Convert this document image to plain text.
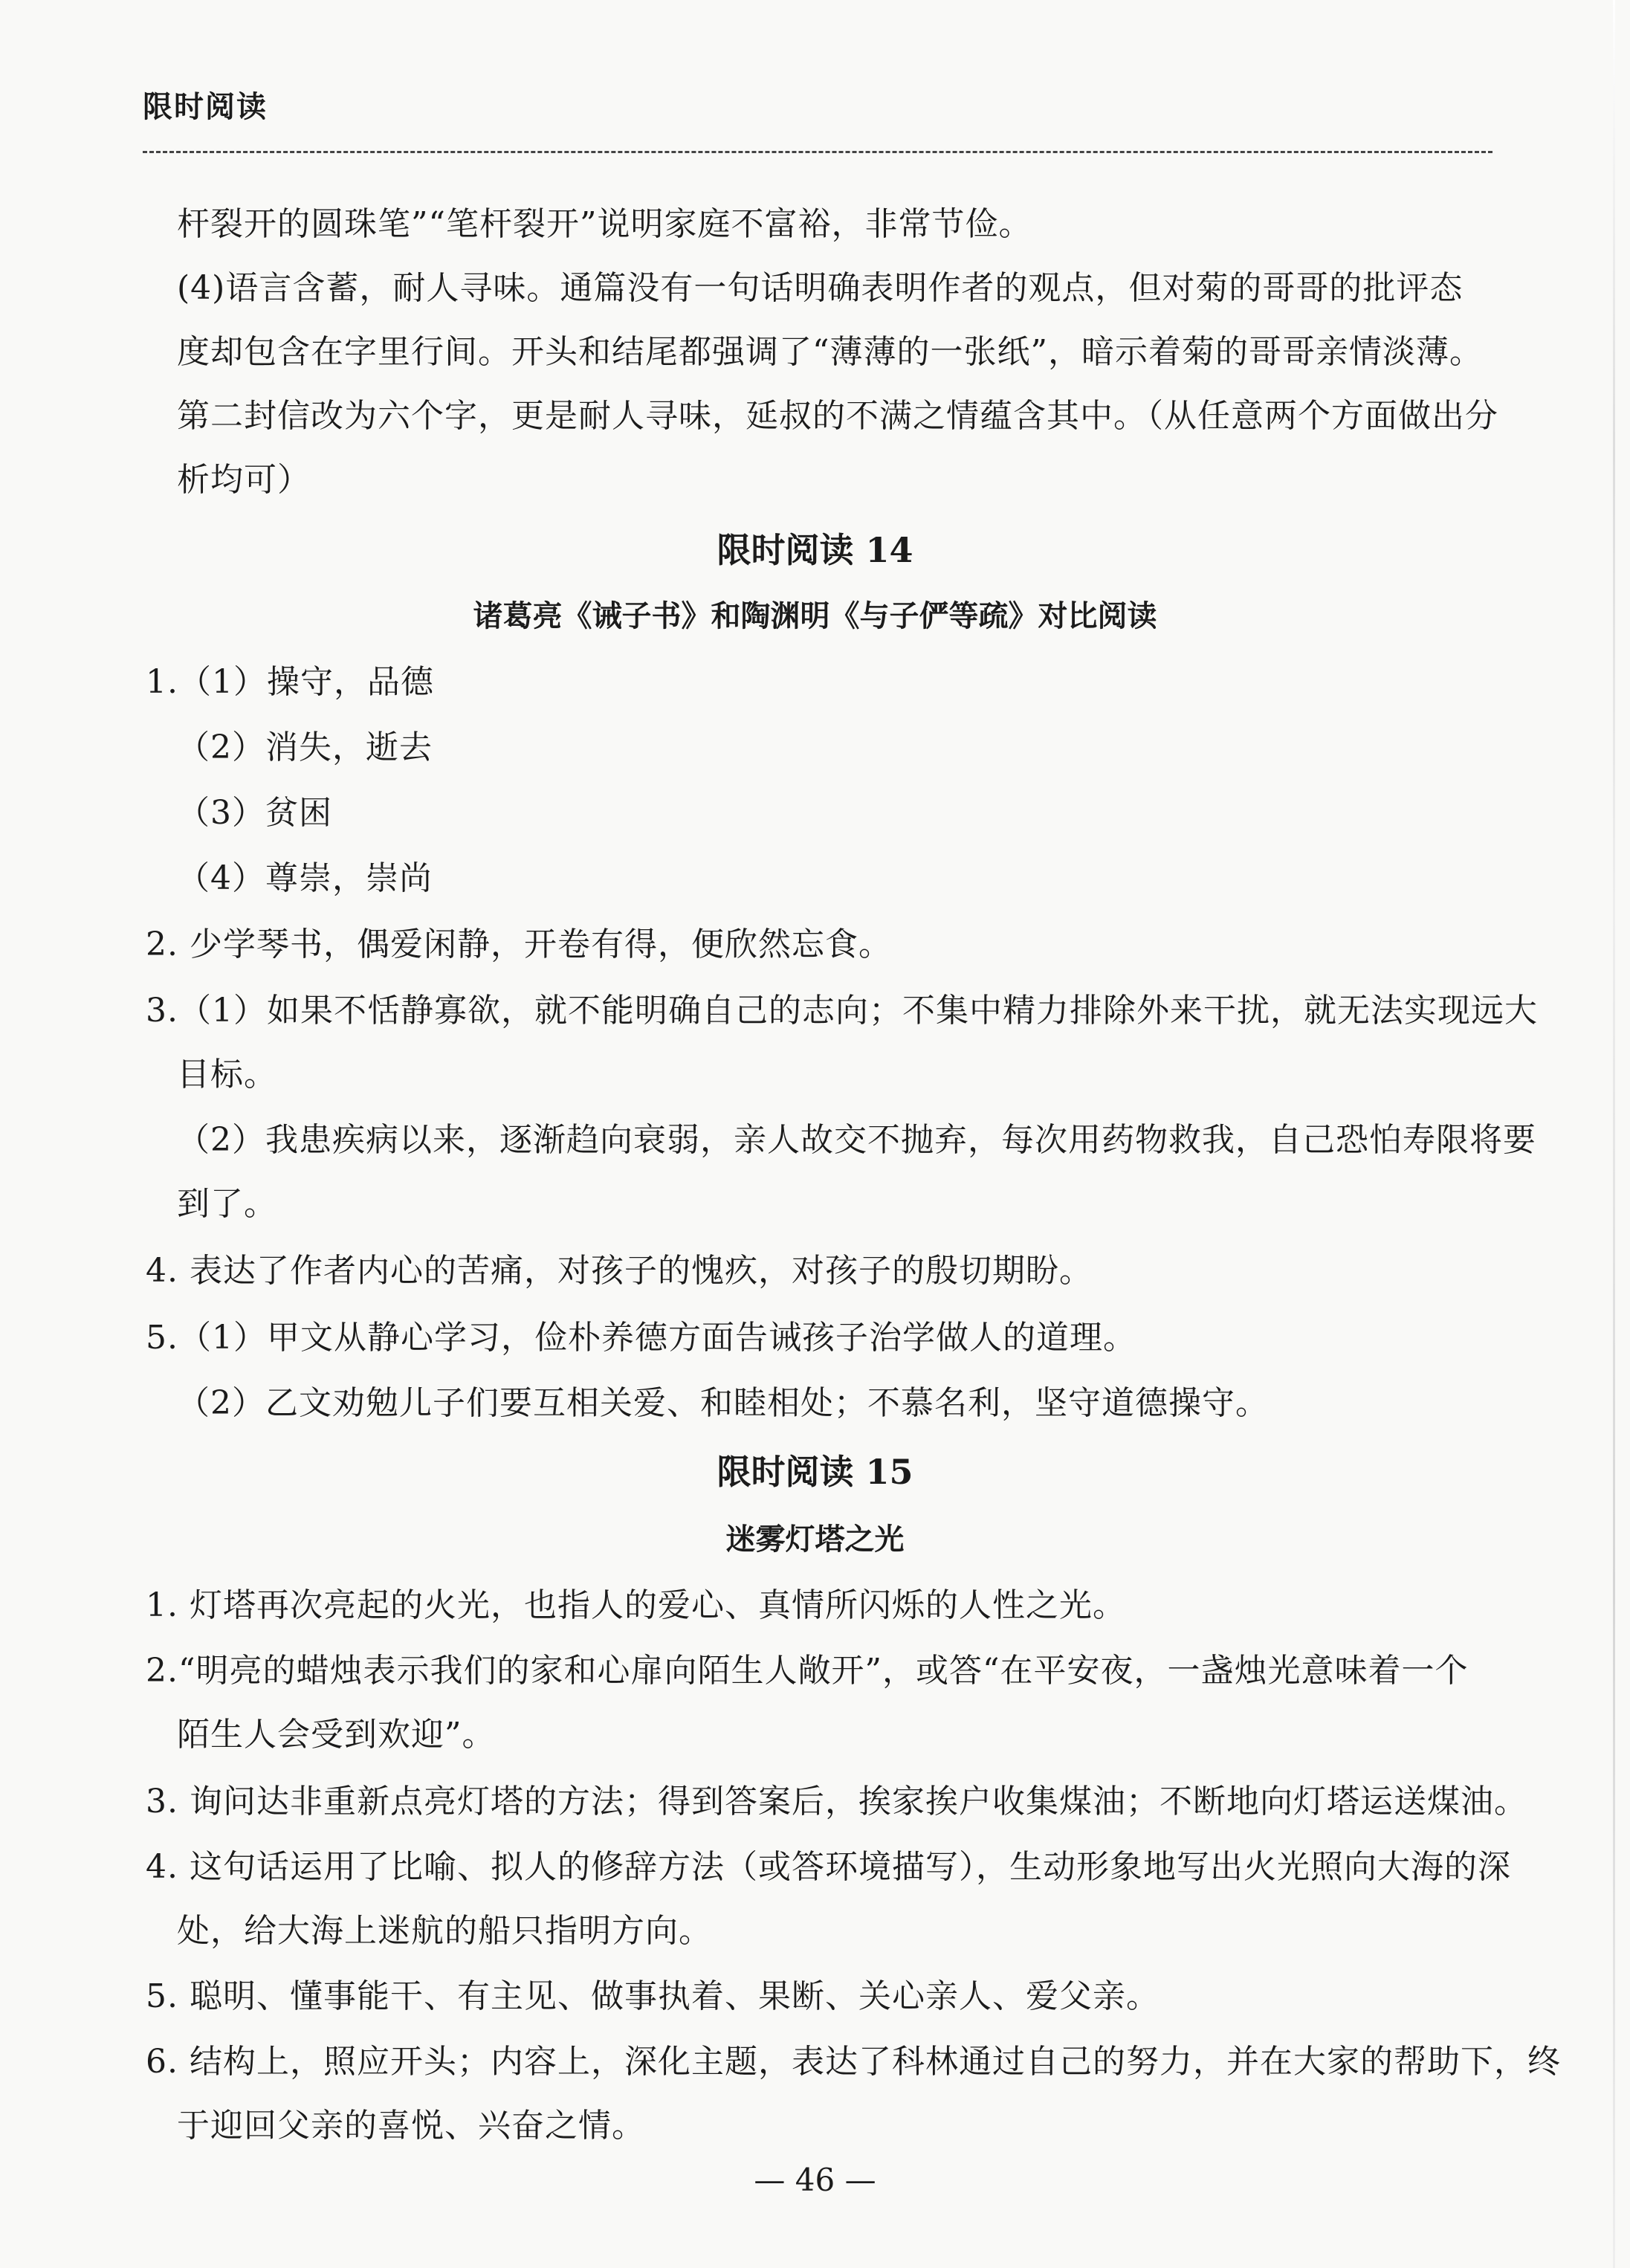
限时阅读
杆裂开的圆珠笔”“笔杆裂开”说明家庭不富裕，非常节俭。
(4)语言含蓄，耐人寻味。通篇没有一句话明确表明作者的观点，但对菊的哥哥的批评态
度却包含在字里行间。开头和结尾都强调了“薄薄的一张纸”，暗示着菊的哥哥亲情淡薄。
第二封信改为六个字，更是耐人寻味，延叔的不满之情蕴含其中。（从任意两个方面做出分
析均可）
限时阅读 14
诸葛亮《诫子书》和陶渊明《与子俨等疏》对比阅读
1.（1）操守，品德
（2）消失，逝去
（3）贫困
（4）尊崇，崇尚
2. 少学琴书，偶爱闲静，开卷有得，便欣然忘食。
3.（1）如果不恬静寡欲，就不能明确自己的志向；不集中精力排除外来干扰，就无法实现远大
目标。
（2）我患疾病以来，逐渐趋向衰弱，亲人故交不抛弃，每次用药物救我，自己恐怕寿限将要
到了。
4. 表达了作者内心的苦痛，对孩子的愧疚，对孩子的殷切期盼。
5.（1）甲文从静心学习，俭朴养德方面告诫孩子治学做人的道理。
（2）乙文劝勉儿子们要互相关爱、和睦相处；不慕名利，坚守道德操守。
限时阅读 15
迷雾灯塔之光
1. 灯塔再次亮起的火光，也指人的爱心、真情所闪烁的人性之光。
2.“明亮的蜡烛表示我们的家和心扉向陌生人敞开”，或答“在平安夜，一盏烛光意味着一个
陌生人会受到欢迎”。
3. 询问达非重新点亮灯塔的方法；得到答案后，挨家挨户收集煤油；不断地向灯塔运送煤油。
4. 这句话运用了比喻、拟人的修辞方法（或答环境描写），生动形象地写出火光照向大海的深
处，给大海上迷航的船只指明方向。
5. 聪明、懂事能干、有主见、做事执着、果断、关心亲人、爱父亲。
6. 结构上，照应开头；内容上，深化主题，表达了科林通过自己的努力，并在大家的帮助下，终
于迎回父亲的喜悦、兴奋之情。
— 46 —
